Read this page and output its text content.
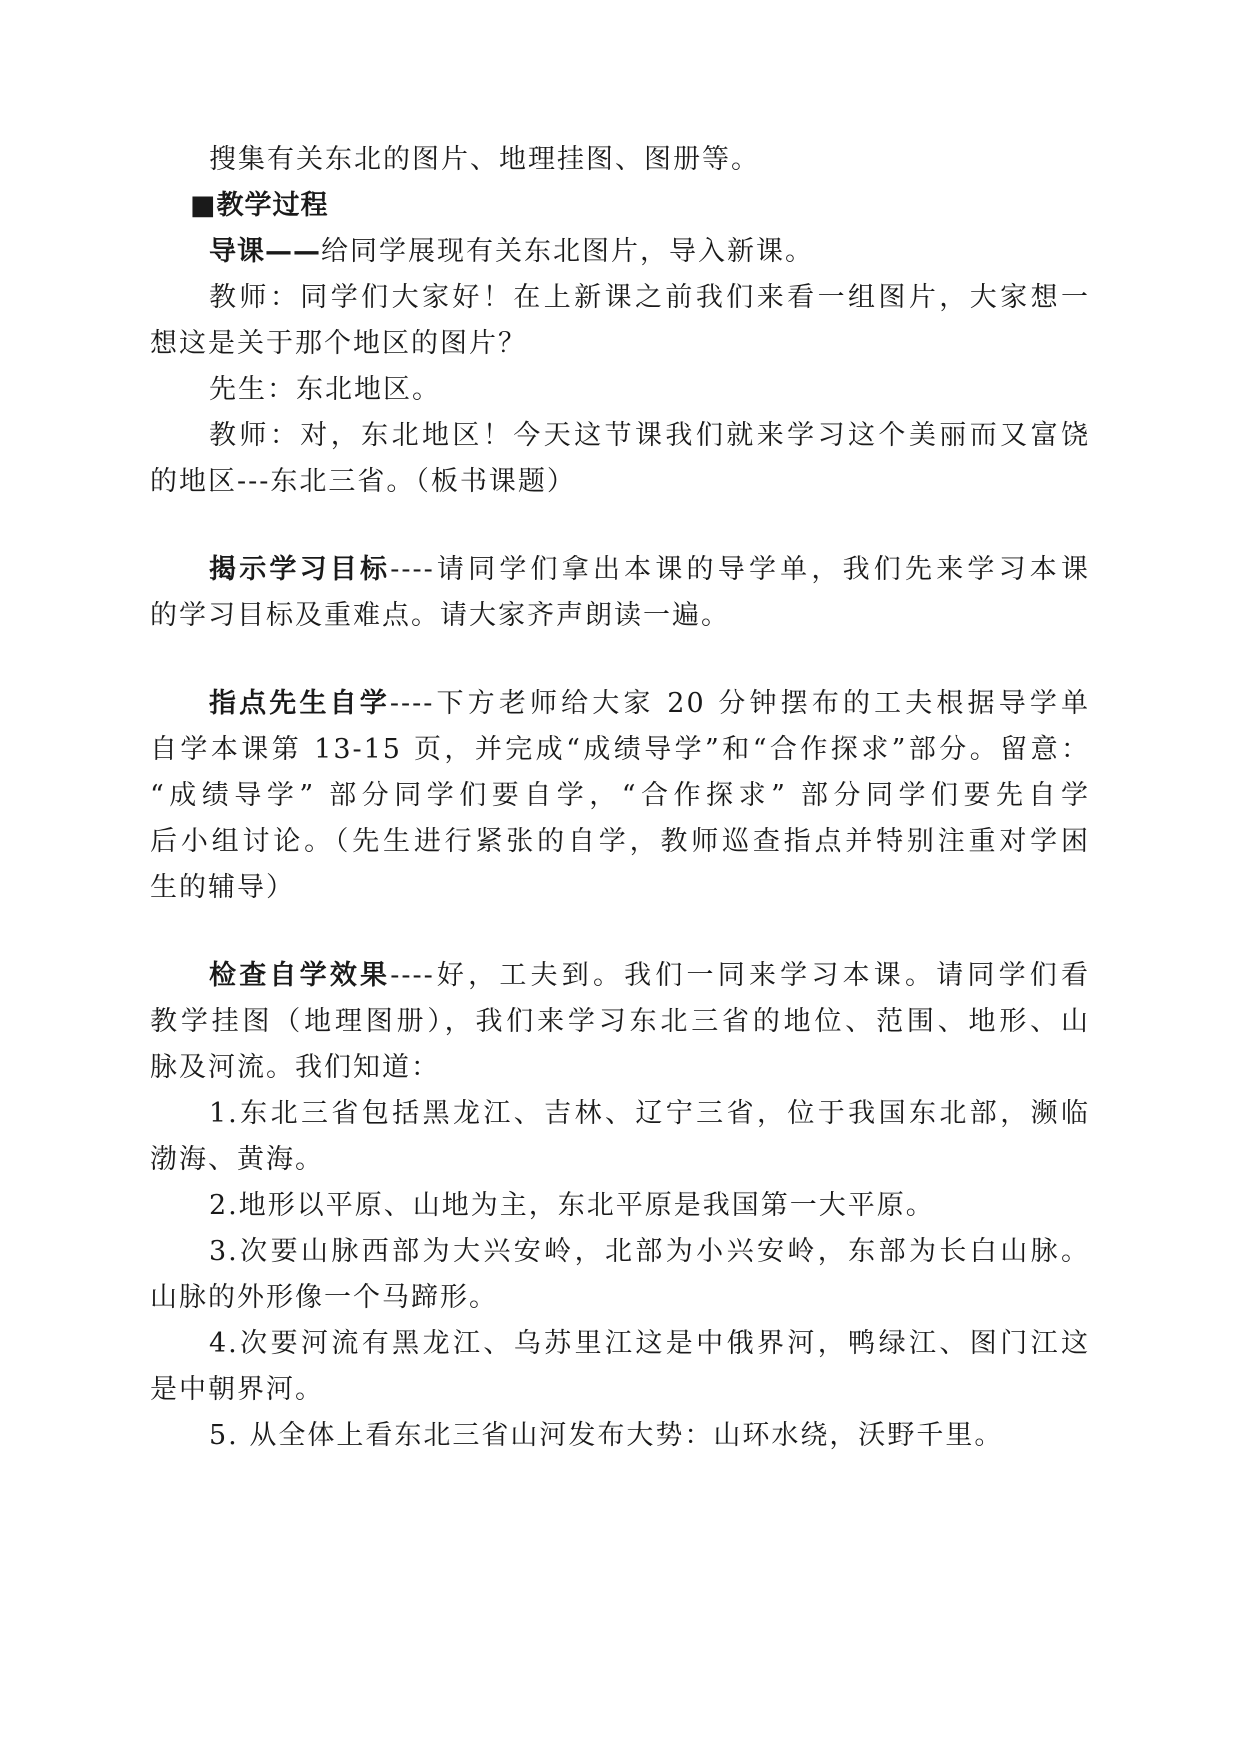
搜集有关东北的图片、地理挂图、图册等。
■教学过程
导课——给同学展现有关东北图片，导入新课。
教师：同学们大家好！在上新课之前我们来看一组图片，大家想一
想这是关于那个地区的图片？
先生：东北地区。
教师：对，东北地区！今天这节课我们就来学习这个美丽而又富饶
的地区---东北三省。（板书课题）
揭示学习目标----请同学们拿出本课的导学单，我们先来学习本课
的学习目标及重难点。请大家齐声朗读一遍。
指点先生自学----下方老师给大家 20 分钟摆布的工夫根据导学单
自学本课第 13-15 页，并完成“成绩导学”和“合作探求”部分。留意：
“成绩导学” 部分同学们要自学，“合作探求” 部分同学们要先自学
后小组讨论。（先生进行紧张的自学，教师巡查指点并特别注重对学困
生的辅导）
检查自学效果----好，工夫到。我们一同来学习本课。请同学们看
教学挂图（地理图册），我们来学习东北三省的地位、范围、地形、山
脉及河流。我们知道：
1.东北三省包括黑龙江、吉林、辽宁三省，位于我国东北部，濒临
渤海、黄海。
2.地形以平原、山地为主，东北平原是我国第一大平原。
3.次要山脉西部为大兴安岭，北部为小兴安岭，东部为长白山脉。
山脉的外形像一个马蹄形。
4.次要河流有黑龙江、乌苏里江这是中俄界河，鸭绿江、图门江这
是中朝界河。
5. 从全体上看东北三省山河发布大势：山环水绕，沃野千里。
